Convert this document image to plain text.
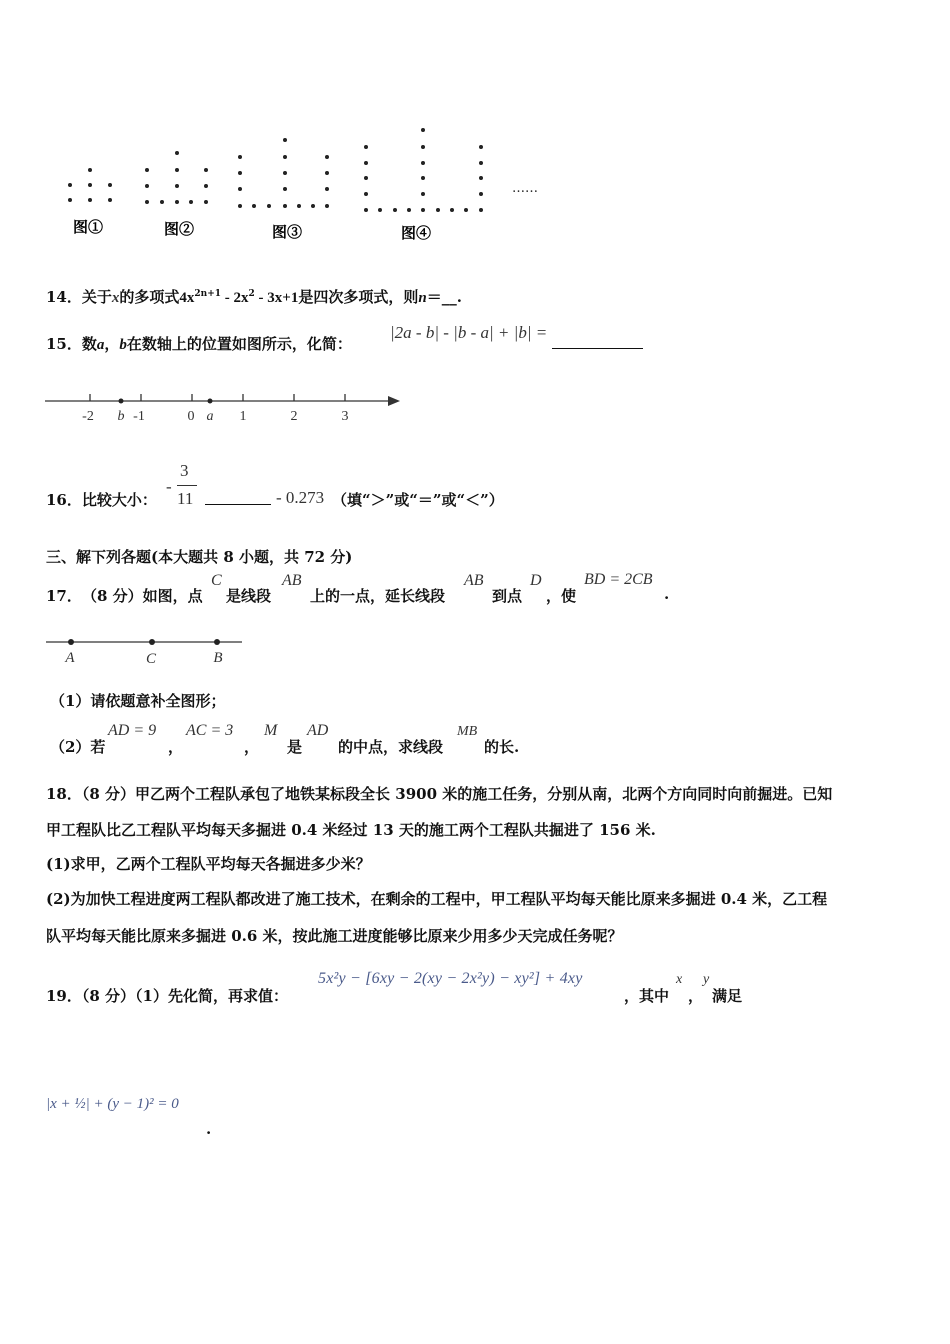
图①	图②	图③	图④
……
14．关于x的多项式$4x^{2n+1} - 2x^2 - 3x+1$是四次多项式，则n＝__.
15．数a，b在数轴上的位置如图所示，化简：
|2a - b| - |b - a| + |b| =
-2	-1	0	1	2	3
b	a
16．比较大小：
-
3
11	- 0.273 （填“＞”或“＝”或“＜”）
三、解下列各题(本大题共 8 小题，共 72 分)
17． （8 分）如图，点
C
是线段
AB
上的一点，延长线段
AB
到点
D
，使
BD = 2CB
.
A	C	B
（1）请依题意补全图形；
（2）若
AD = 9
，
AC = 3
，
M
是
AD
的中点，求线段
MB
的长.
18．（8 分）甲乙两个工程队承包了地铁某标段全长 3900 米的施工任务，分别从南，北两个方向同时向前掘进。已知
甲工程队比乙工程队平均每天多掘进 0.4 米经过 13 天的施工两个工程队共掘进了 156 米.
(1)求甲，乙两个工程队平均每天各掘进多少米？
(2)为加快工程进度两工程队都改进了施工技术，在剩余的工程中，甲工程队平均每天能比原来多掘进 0.4 米，乙工程
队平均每天能比原来多掘进 0.6 米，按此施工进度能够比原来少用多少天完成任务呢？
19．（8 分）（1）先化简，再求值：
5x²y − [6xy − 2(xy − 2x²y) − xy²] + 4xy
，其中
x
，
y
满足
|x + ½| + (y − 1)² = 0
.
